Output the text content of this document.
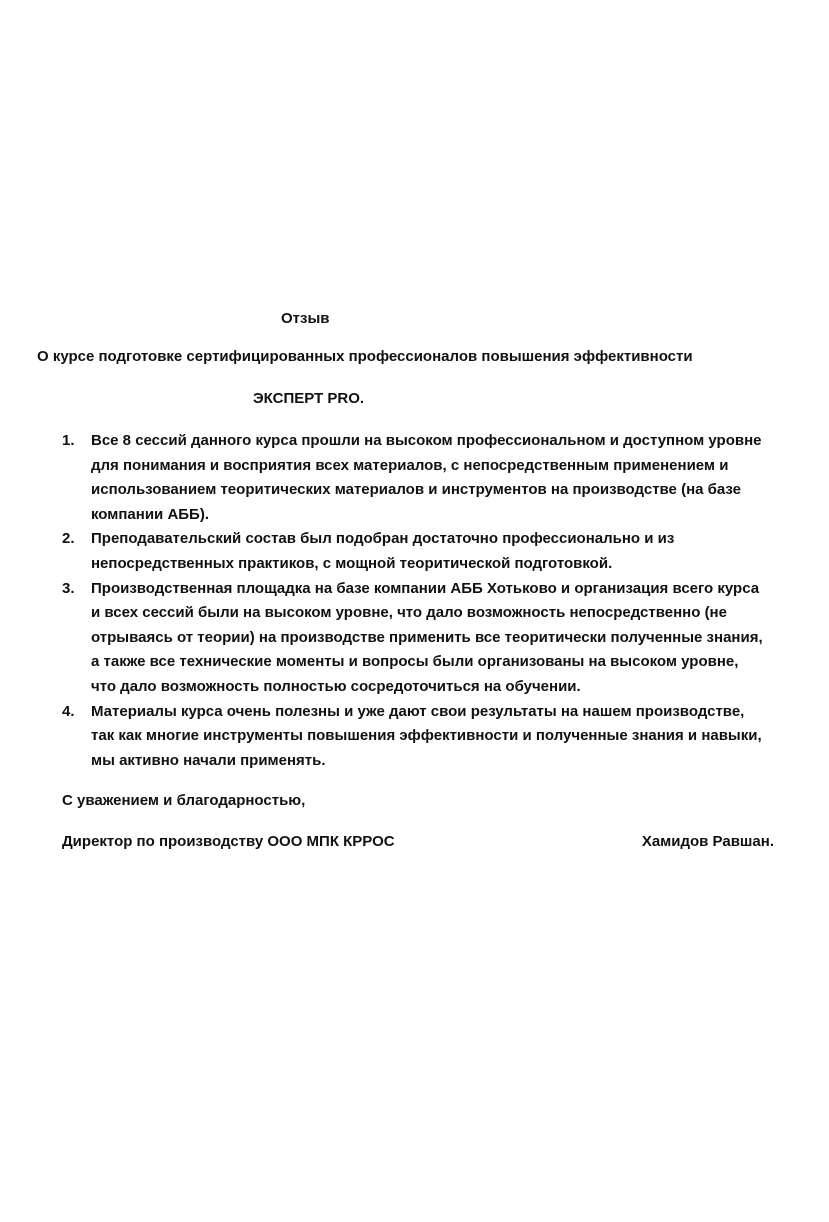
Отзыв

О курсе подготовке сертифицированных профессионалов повышения эффективности

ЭКСПЕРТ PRO.

1. Все 8 сессий данного курса прошли на высоком профессиональном и доступном уровне
для понимания и восприятия всех материалов, с непосредственным применением и
использованием теоритических материалов и инструментов на производстве (на базе
компании АББ).
2. Преподавательский состав был подобран достаточно профессионально и из
непосредственных практиков, с мощной теоритической подготовкой.
3. Производственная площадка на базе компании АББ Хотьково и организация всего курса
и всех сессий были на высоком уровне, что дало возможность непосредственно (не
отрываясь от теории) на производстве применить все теоритически полученные знания,
а также все технические моменты и вопросы были организованы на высоком уровне,
что дало возможность полностью сосредоточиться на обучении.
4. Материалы курса очень полезны и уже дают свои результаты на нашем производстве,
так как многие инструменты повышения эффективности и полученные знания и навыки,
мы активно начали применять.

С уважением и благодарностью,

Директор по производству ООО МПК КРРОС	Хамидов Равшан.
